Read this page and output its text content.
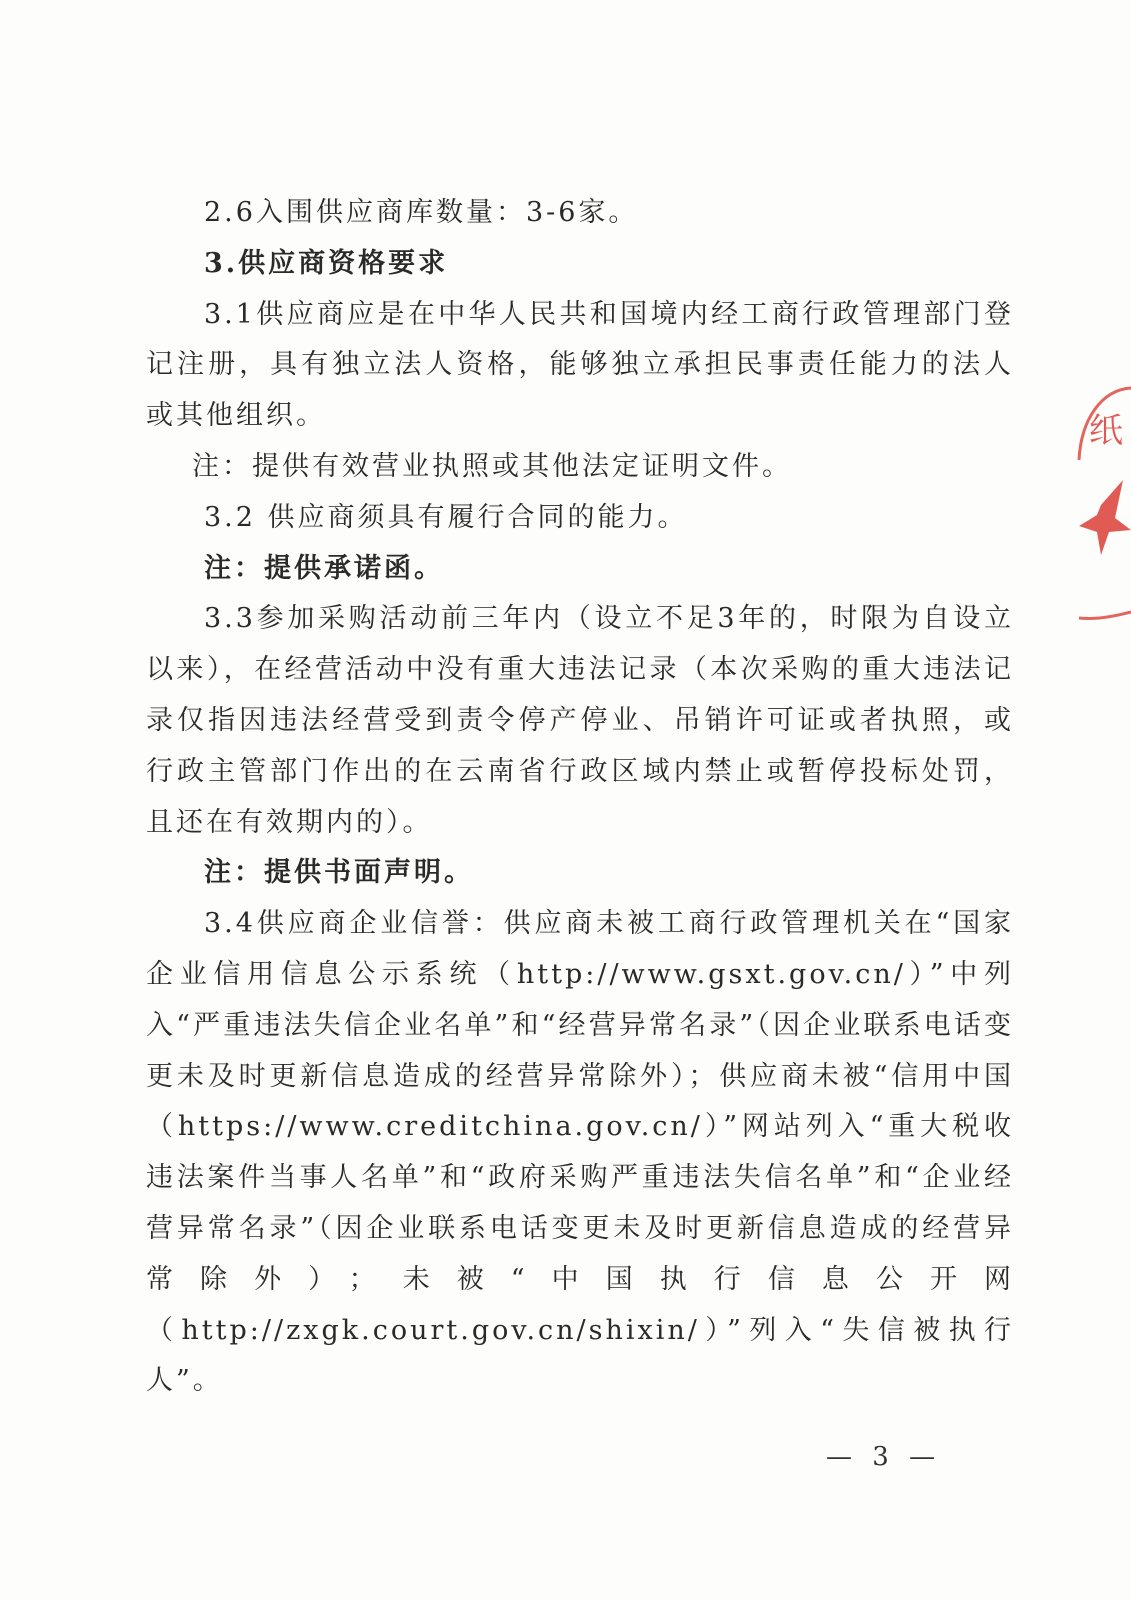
2.6入围供应商库数量：3-6家。

3.供应商资格要求

3.1供应商应是在中华人民共和国境内经工商行政管理部门登记注册，具有独立法人资格，能够独立承担民事责任能力的法人或其他组织。

注：提供有效营业执照或其他法定证明文件。

3.2 供应商须具有履行合同的能力。

注：提供承诺函。

3.3参加采购活动前三年内（设立不足3年的，时限为自设立以来），在经营活动中没有重大违法记录（本次采购的重大违法记录仅指因违法经营受到责令停产停业、吊销许可证或者执照，或行政主管部门作出的在云南省行政区域内禁止或暂停投标处罚，且还在有效期内的）。

注：提供书面声明。

3.4供应商企业信誉：供应商未被工商行政管理机关在“国家企业信用信息公示系统（http://www.gsxt.gov.cn/）”中列入“严重违法失信企业名单”和“经营异常名录”（因企业联系电话变更未及时更新信息造成的经营异常除外）；供应商未被“信用中国（https://www.creditchina.gov.cn/）”网站列入“重大税收违法案件当事人名单”和“政府采购严重违法失信名单”和“企业经营异常名录”（因企业联系电话变更未及时更新信息造成的经营异常除外）；未被“中国执行信息公开网（http://zxgk.court.gov.cn/shixin/）”列入“失信被执行人”。

纸
— 3 —
